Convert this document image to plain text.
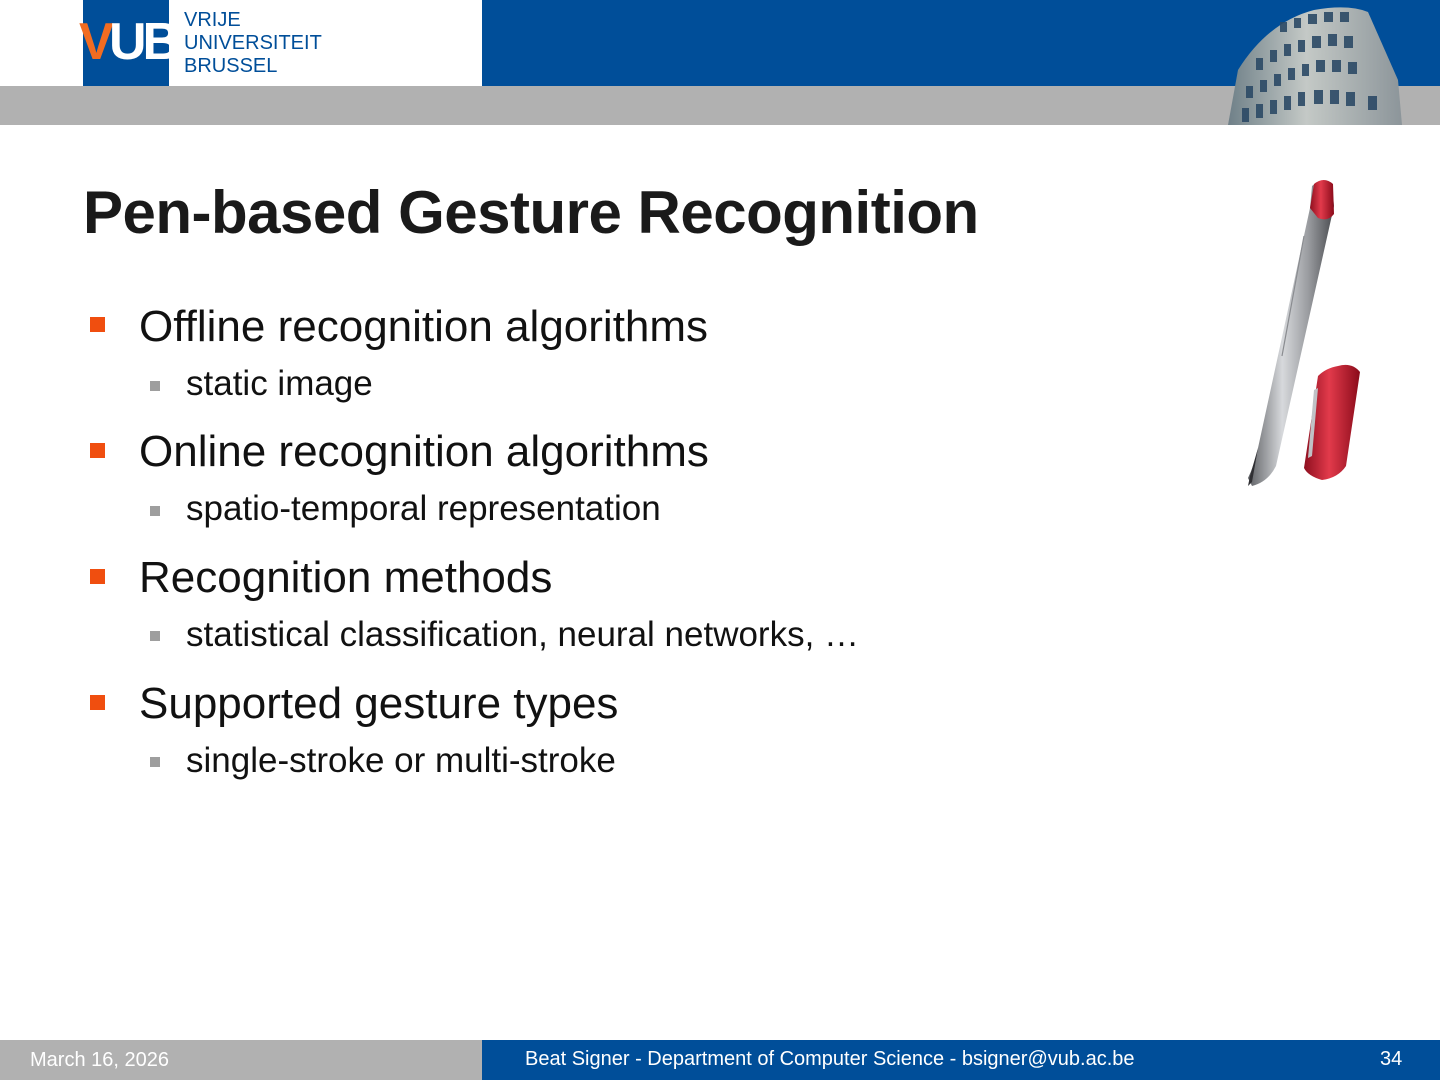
V UB VRIJE
UNIVERSITEIT
BRUSSEL
Pen-based Gesture Recognition
Offline recognition algorithms
static image
Online recognition algorithms
spatio-temporal representation
Recognition methods
statistical classification, neural networks, …
Supported gesture types
single-stroke or multi-stroke
March 16, 2026	Beat Signer - Department of Computer Science - bsigner@vub.ac.be	34
